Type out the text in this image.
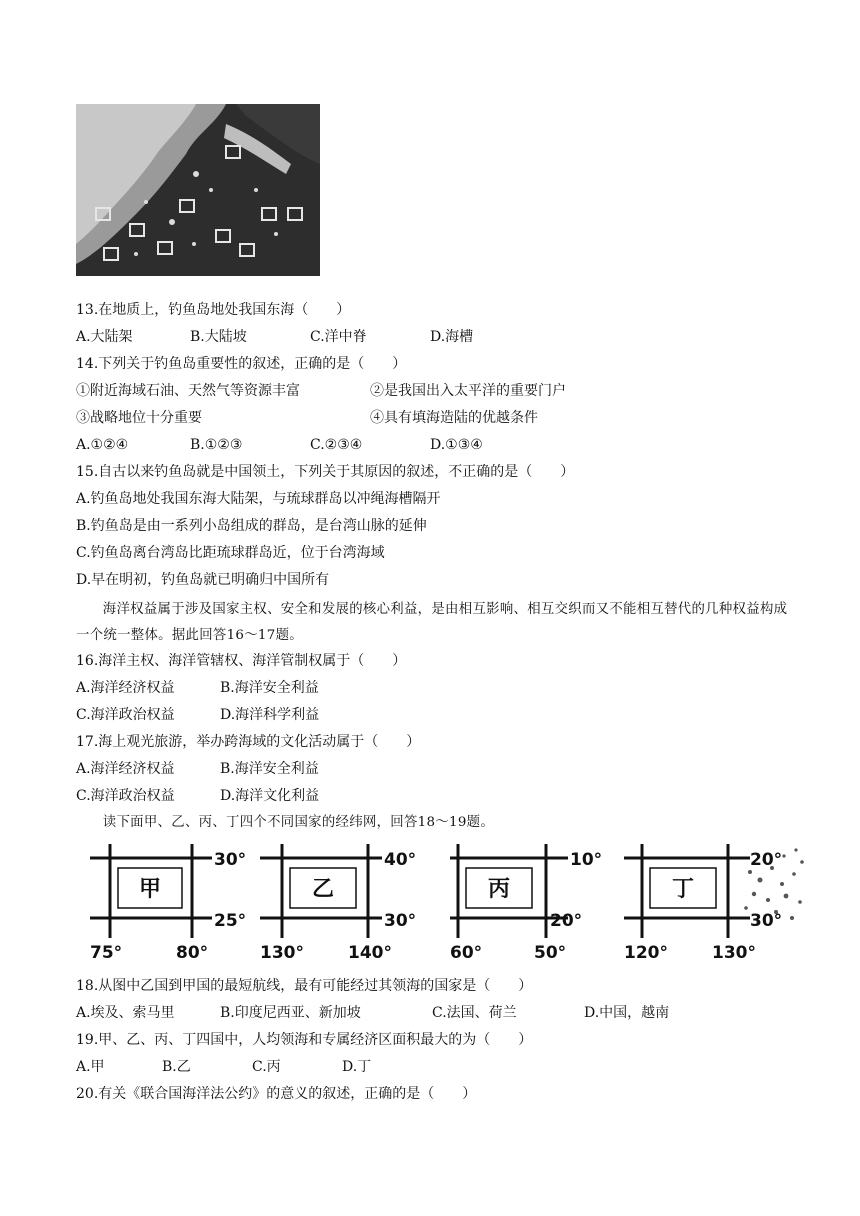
13.在地质上，钓鱼岛地处我国东海（　　）
A.大陆架	B.大陆坡	C.洋中脊	D.海槽
14.下列关于钓鱼岛重要性的叙述，正确的是（　　）
①附近海域石油、天然气等资源丰富	②是我国出入太平洋的重要门户
③战略地位十分重要	④具有填海造陆的优越条件
A.①②④	B.①②③	C.②③④	D.①③④
15.自古以来钓鱼岛就是中国领土，下列关于其原因的叙述，不正确的是（　　）
A.钓鱼岛地处我国东海大陆架，与琉球群岛以冲绳海槽隔开
B.钓鱼岛是由一系列小岛组成的群岛，是台湾山脉的延伸
C.钓鱼岛离台湾岛比距琉球群岛近，位于台湾海域
D.早在明初，钓鱼岛就已明确归中国所有
海洋权益属于涉及国家主权、安全和发展的核心利益，是由相互影响、相互交织而又不能相互替代的几种权益构成一个统一整体。据此回答16～17题。
16.海洋主权、海洋管辖权、海洋管制权属于（　　）
A.海洋经济权益	B.海洋安全利益
C.海洋政治权益	D.海洋科学利益
17.海上观光旅游，举办跨海域的文化活动属于（　　）
A.海洋经济权益	B.海洋安全利益
C.海洋政治权益	D.海洋文化利益
读下面甲、乙、丙、丁四个不同国家的经纬网，回答18～19题。
甲
30°
25°
75°	80°
乙
40°
30°
130°	140°
丙
10°
20°
60°	50°
丁
20°
30°
120°	130°
18.从图中乙国到甲国的最短航线，最有可能经过其领海的国家是（　　）
A.埃及、索马里	B.印度尼西亚、新加坡	C.法国、荷兰	D.中国，越南
19.甲、乙、丙、丁四国中，人均领海和专属经济区面积最大的为（　　）
A.甲	B.乙	C.丙	D.丁
20.有关《联合国海洋法公约》的意义的叙述，正确的是（　　）
